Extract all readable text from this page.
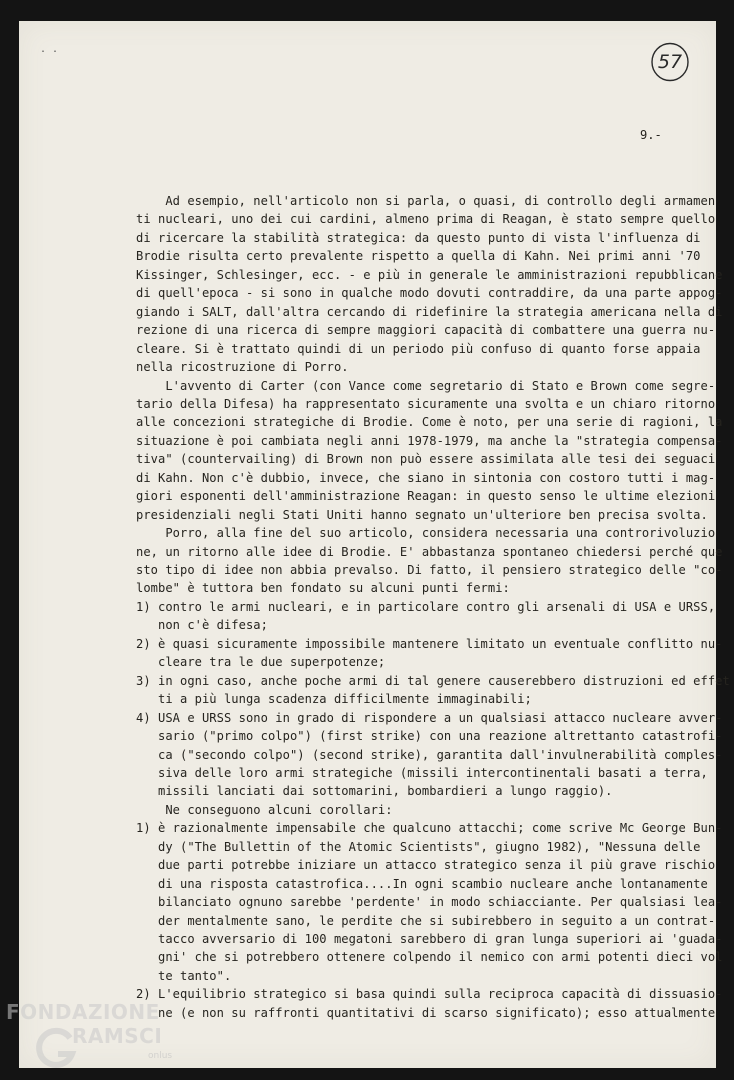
. .
57
9.-
Ad esempio, nell'articolo non si parla, o quasi, di controllo degli armamen
ti nucleari, uno dei cui cardini, almeno prima di Reagan, è stato sempre quello
di ricercare la stabilità strategica: da questo punto di vista l'influenza di
Brodie risulta certo prevalente rispetto a quella di Kahn. Nei primi anni '70
Kissinger, Schlesinger, ecc. - e più in generale le amministrazioni repubblicane
di quell'epoca - si sono in qualche modo dovuti contraddire, da una parte appog-
giando i SALT, dall'altra cercando di ridefinire la strategia americana nella di
rezione di una ricerca di sempre maggiori capacità di combattere una guerra nu-
cleare. Si è trattato quindi di un periodo più confuso di quanto forse appaia
nella ricostruzione di Porro.
L'avvento di Carter (con Vance come segretario di Stato e Brown come segre-
tario della Difesa) ha rappresentato sicuramente una svolta e un chiaro ritorno
alle concezioni strategiche di Brodie. Come è noto, per una serie di ragioni, la
situazione è poi cambiata negli anni 1978-1979, ma anche la "strategia compensa-
tiva" (countervailing) di Brown non può essere assimilata alle tesi dei seguaci
di Kahn. Non c'è dubbio, invece, che siano in sintonia con costoro tutti i mag-
giori esponenti dell'amministrazione Reagan: in questo senso le ultime elezioni
presidenziali negli Stati Uniti hanno segnato un'ulteriore ben precisa svolta.
Porro, alla fine del suo articolo, considera necessaria una controrivoluzio
ne, un ritorno alle idee di Brodie. E' abbastanza spontaneo chiedersi perché que
sto tipo di idee non abbia prevalso. Di fatto, il pensiero strategico delle "co-
lombe" è tuttora ben fondato su alcuni punti fermi:
1) contro le armi nucleari, e in particolare contro gli arsenali di USA e URSS,
non c'è difesa;
2) è quasi sicuramente impossibile mantenere limitato un eventuale conflitto nu-
cleare tra le due superpotenze;
3) in ogni caso, anche poche armi di tal genere causerebbero distruzioni ed effet
ti a più lunga scadenza difficilmente immaginabili;
4) USA e URSS sono in grado di rispondere a un qualsiasi attacco nucleare avver-
sario ("primo colpo") (first strike) con una reazione altrettanto catastrofi-
ca ("secondo colpo") (second strike), garantita dall'invulnerabilità comples-
siva delle loro armi strategiche (missili intercontinentali basati a terra,
missili lanciati dai sottomarini, bombardieri a lungo raggio).
Ne conseguono alcuni corollari:
1) è razionalmente impensabile che qualcuno attacchi; come scrive Mc George Bun-
dy ("The Bullettin of the Atomic Scientists", giugno 1982), "Nessuna delle
due parti potrebbe iniziare un attacco strategico senza il più grave rischio
di una risposta catastrofica....In ogni scambio nucleare anche lontanamente
bilanciato ognuno sarebbe 'perdente' in modo schiacciante. Per qualsiasi lea-
der mentalmente sano, le perdite che si subirebbero in seguito a un contrat-
tacco avversario di 100 megatoni sarebbero di gran lunga superiori ai 'guada-
gni' che si potrebbero ottenere colpendo il nemico con armi potenti dieci vol
te tanto".
2) L'equilibrio strategico si basa quindi sulla reciproca capacità di dissuasio-
ne (e non su raffronti quantitativi di scarso significato); esso attualmente
FONDAZIONE
RAMSCI
onlus
